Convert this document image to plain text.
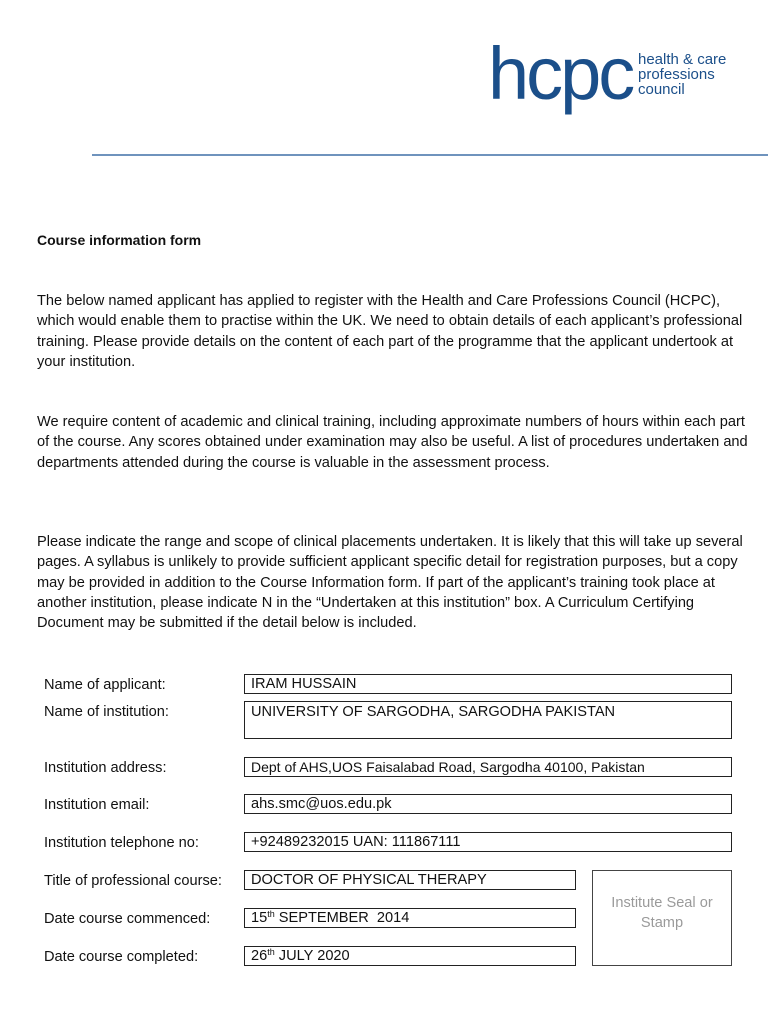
hcpc health & care
professions
council
Course information form
The below named applicant has applied to register with the Health and Care Professions Council (HCPC), which would enable them to practise within the UK. We need to obtain details of each applicant’s professional training. Please provide details on the content of each part of the programme that the applicant undertook at your institution.
We require content of academic and clinical training, including approximate numbers of hours within each part of the course. Any scores obtained under examination may also be useful. A list of procedures undertaken and departments attended during the course is valuable in the assessment process.
Please indicate the range and scope of clinical placements undertaken. It is likely that this will take up several pages. A syllabus is unlikely to provide sufficient applicant specific detail for registration purposes, but a copy may be provided in addition to the Course Information form. If part of the applicant’s training took place at another institution, please indicate N in the “Undertaken at this institution” box. A Curriculum Certifying Document may be submitted if the detail below is included.
Name of applicant:	IRAM HUSSAIN
Name of institution:	UNIVERSITY OF SARGODHA, SARGODHA PAKISTAN
Institution address:	Dept of AHS,UOS Faisalabad Road, Sargodha 40100, Pakistan
Institution email:	ahs.smc@uos.edu.pk
Institution telephone no:	+92489232015 UAN: 111867111
Title of professional course:	DOCTOR OF PHYSICAL THERAPY
Date course commenced:	15th SEPTEMBER  2014
Date course completed:	26th JULY 2020
Institute Seal or
Stamp
